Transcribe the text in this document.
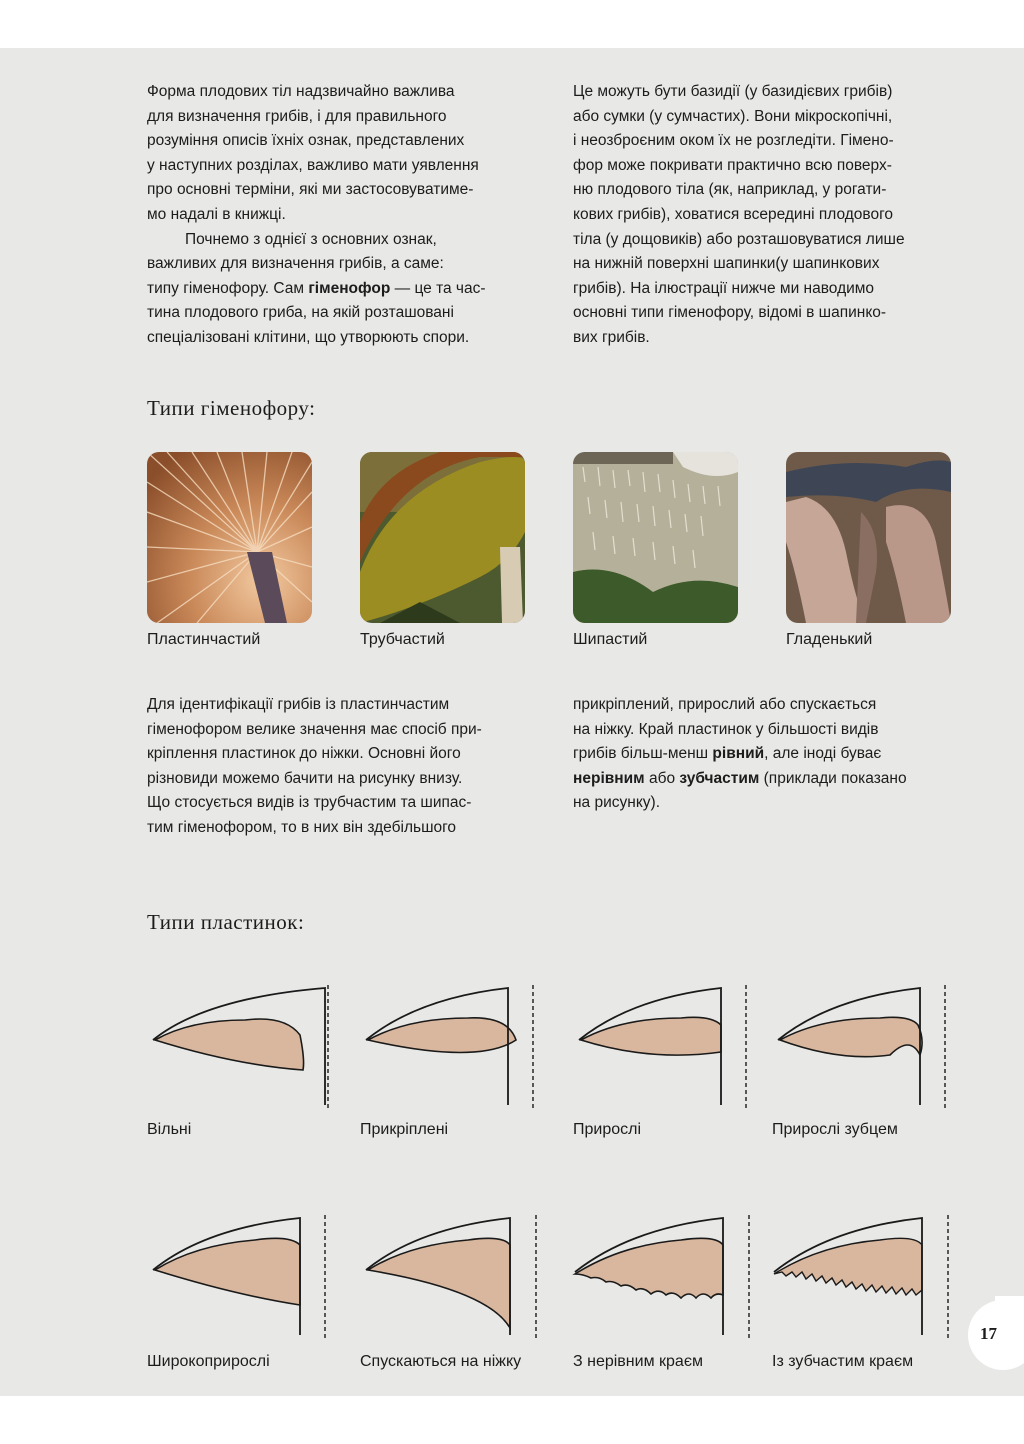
Форма плодових тіл надзвичайно важлива
для визначення грибів, і для правильного
розуміння описів їхніх ознак, представлених
у наступних розділах, важливо мати уявлення
про основні терміни, які ми застосовуватиме-
мо надалі в книжці.
Почнемо з однієї з основних ознак,
важливих для визначення грибів, а саме:
типу гіменофору. Сам гіменофор — це та час-
тина плодового гриба, на якій розташовані
спеціалізовані клітини, що утворюють спори.
Це можуть бути базидії (у базидієвих грибів)
або сумки (у сумчастих). Вони мікроскопічні,
і неозброєним оком їх не розгледіти. Гімено-
фор може покривати практично всю поверх-
ню плодового тіла (як, наприклад, у рогати-
кових грибів), ховатися всередині плодового
тіла (у дощовиків) або розташовуватися лише
на нижній поверхні шапинки(у шапинкових
грибів). На ілюстрації нижче ми наводимо
основні типи гіменофору, відомі в шапинко-
вих грибів.
Типи гіменофору:
Пластинчастий	Трубчастий	Шипастий	Гладенький
Для ідентифікації грибів із пластинчастим
гіменофором велике значення має спосіб при-
кріплення пластинок до ніжки. Основні його
різновиди можемо бачити на рисунку внизу.
Що стосується видів із трубчастим та шипас-
тим гіменофором, то в них він здебільшого
прикріплений, прирослий або спускається
на ніжку. Край пластинок у більшості видів
грибів більш-менш рівний, але іноді буває
нерівним або зубчастим (приклади показано
на рисунку).
Типи пластинок:
Вільні	Прикріплені	Прирослі	Прирослі зубцем
Широкоприрослі	Спускаються на ніжку	З нерівним краєм	Із зубчастим краєм
17
